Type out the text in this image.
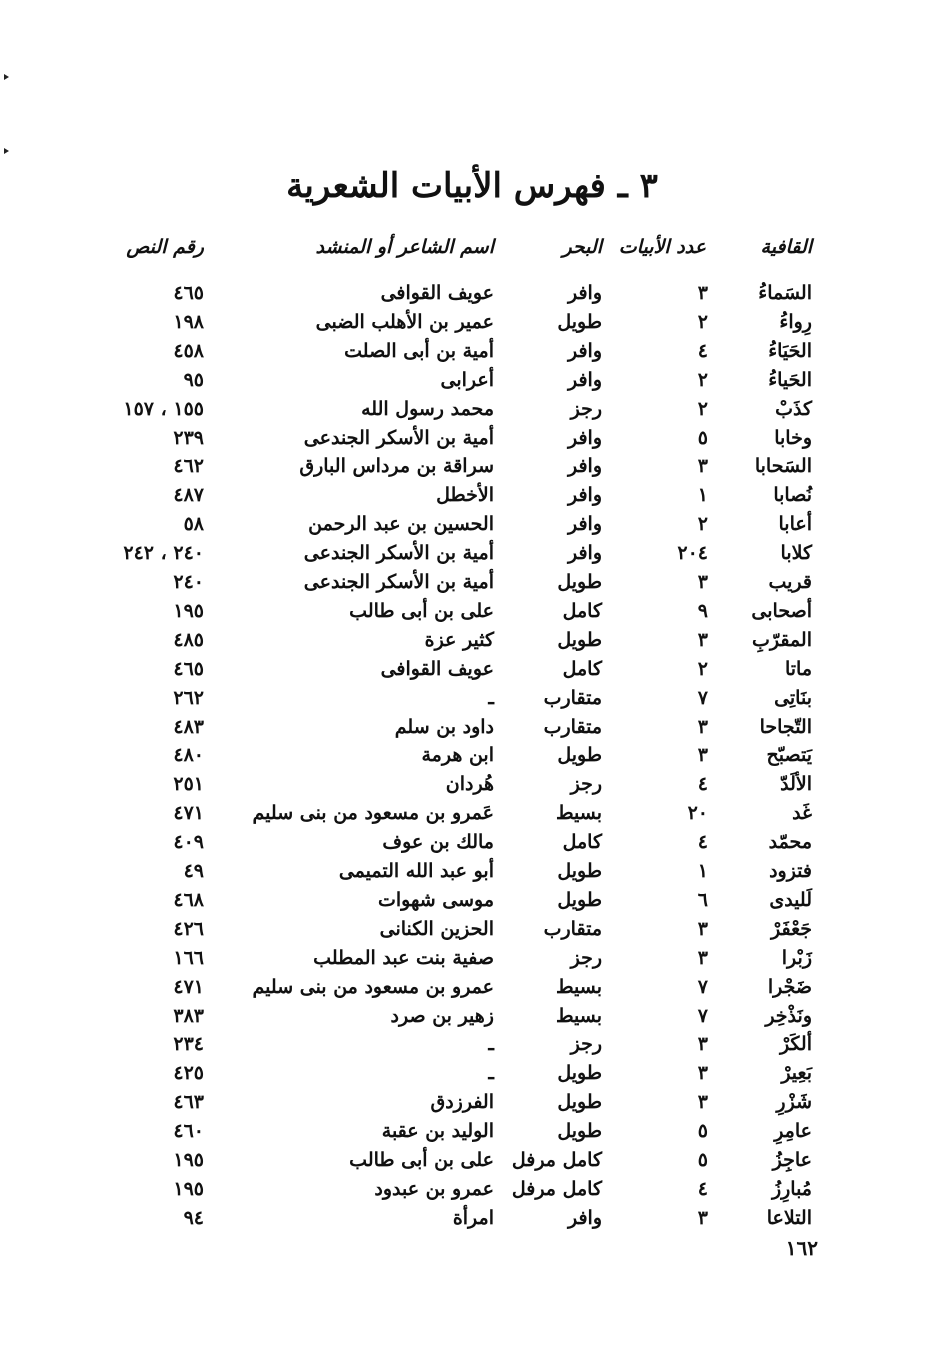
٣ ـ فهرس الأبيات الشعرية
القافية
عدد الأبيات
البحر
اسم الشاعر أو المنشد
رقم النص
السَماءُ
٣
وافر
عويف القوافى
٤٦٥
رِواءُ
٢
طويل
عمير بن الأهلب الضبى
١٩٨
الحَيَاءُ
٤
وافر
أمية بن أبى الصلت
٤٥٨
الحَياءُ
٢
وافر
أعرابى
٩٥
كذَبْ
٢
رجز
محمد رسول الله
١٥٥ ، ١٥٧
وخابا
٥
وافر
أمية بن الأسكر الجندعى
٢٣٩
السَحابا
٣
وافر
سراقة بن مرداس البارق
٤٦٢
نُصابا
١
وافر
الأخطل
٤٨٧
أعابا
٢
وافر
الحسين بن عبد الرحمن
٥٨
كلابا
٢٠٤
وافر
أمية بن الأسكر الجندعى
٢٤٠ ، ٢٤٢
قريب
٣
طويل
أمية بن الأسكر الجندعى
٢٤٠
أصحابى
٩
كامل
على بن أبى طالب
١٩٥
المقرّبِ
٣
طويل
كثير عزة
٤٨٥
ماتا
٢
كامل
عويف القوافى
٤٦٥
بنَاتِى
٧
متقارب
ـ
٢٦٢
التّجاحا
٣
متقارب
داود بن سلم
٤٨٣
يَتصبّح
٣
طويل
ابن هرمة
٤٨٠
الألَدّ
٤
رجز
هُردان
٢٥١
غَد
٢٠
بسيط
عَمرو بن مسعود من بنى سليم
٤٧١
محمّد
٤
كامل
مالك بن عوف
٤٠٩
فتزود
١
طويل
أبو عبد الله التميمى
٤٩
لَليدى
٦
طويل
موسى شهوات
٤٦٨
جَعْفَرْ
٣
متقارب
الحزين الكنانى
٤٢٦
زَبْرا
٣
رجز
صفية بنت عبد المطلب
١٦٦
ضَجْرا
٧
بسيط
عمرو بن مسعود من بنى سليم
٤٧١
ونَذْخِر
٧
بسيط
زهير بن صرد
٣٨٣
ألكَرْ
٣
رجز
ـ
٢٣٤
بَعِيرْ
٣
طويل
ـ
٤٢٥
شَزْرِ
٣
طويل
الفرزدق
٤٦٣
عامِرِ
٥
طويل
الوليد بن عقبة
٤٦٠
عاجِزُ
٥
كامل مرفل
على بن أبى طالب
١٩٥
مُبارِزُ
٤
كامل مرفل
عمرو بن عبدود
١٩٥
التلاعا
٣
وافر
امرأة
٩٤
١٦٢
